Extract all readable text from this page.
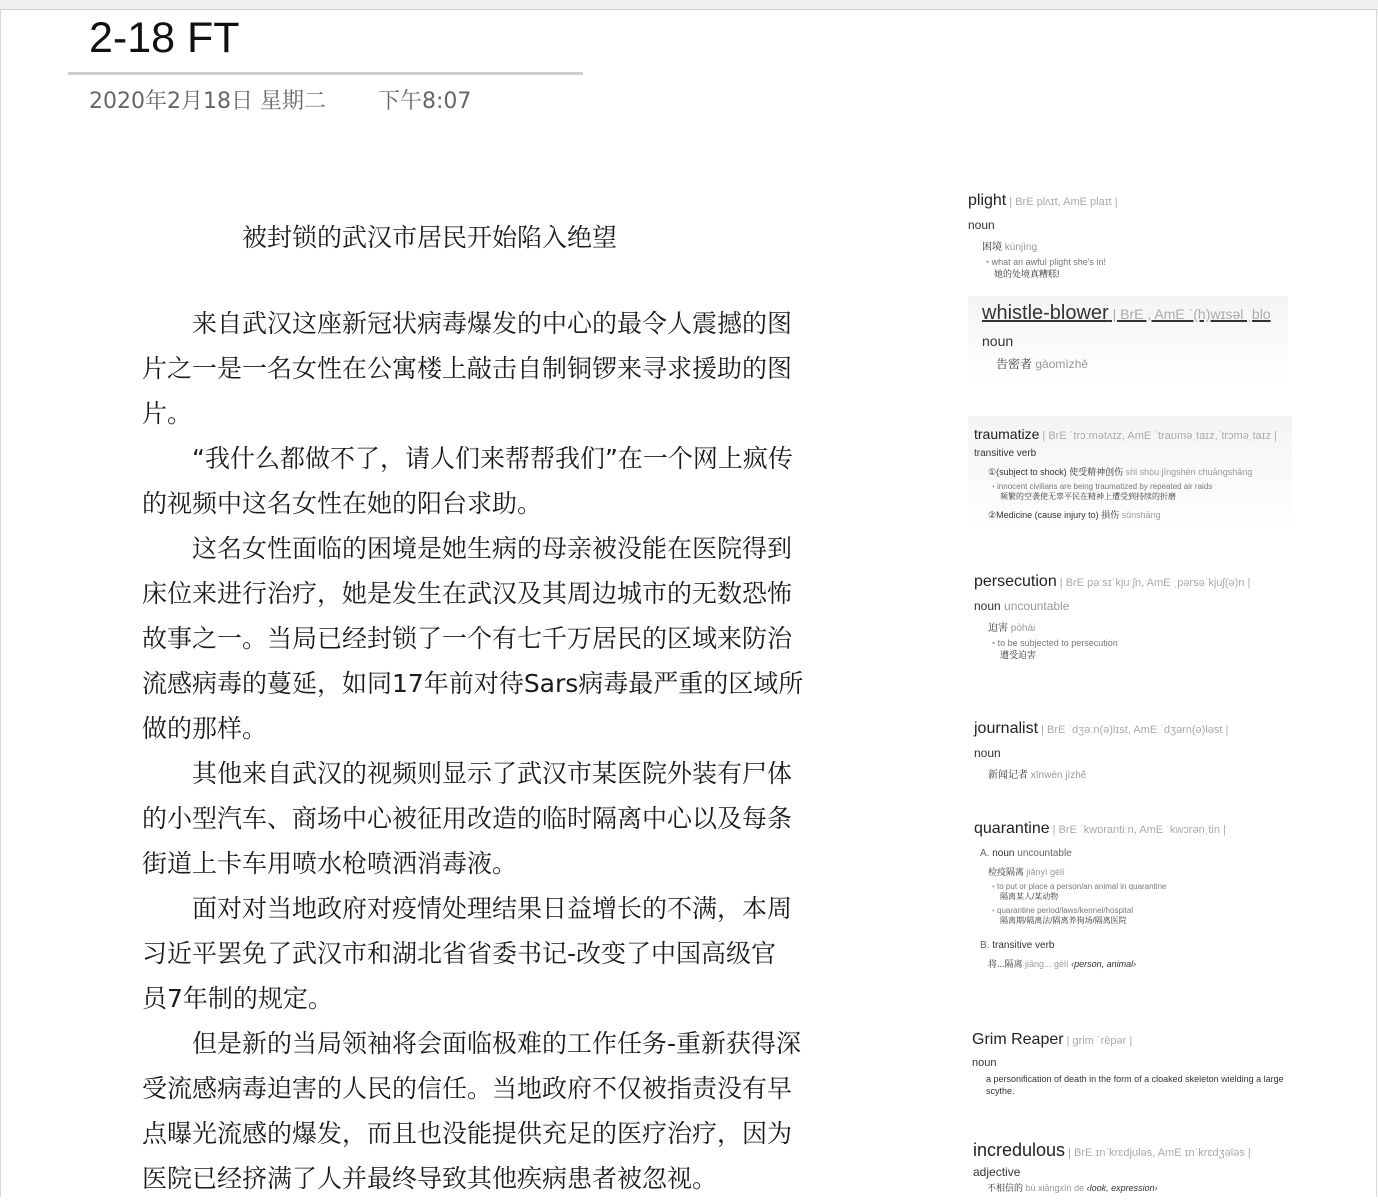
2-18 FT
2020年2月18日 星期二 下午8:07
被封锁的武汉市居民开始陷入绝望
　　来自武汉这座新冠状病毒爆发的中心的最令人震撼的图
片之一是一名女性在公寓楼上敲击自制铜锣来寻求援助的图
片。
　　“我什么都做不了，请人们来帮帮我们”在一个网上疯传
的视频中这名女性在她的阳台求助。
　　这名女性面临的困境是她生病的母亲被没能在医院得到
床位来进行治疗，她是发生在武汉及其周边城市的无数恐怖
故事之一。当局已经封锁了一个有七千万居民的区域来防治
流感病毒的蔓延，如同17年前对待Sars病毒最严重的区域所
做的那样。
　　其他来自武汉的视频则显示了武汉市某医院外装有尸体
的小型汽车、商场中心被征用改造的临时隔离中心以及每条
街道上卡车用喷水枪喷洒消毒液。
　　面对对当地政府对疫情处理结果日益增长的不满，本周
习近平罢免了武汉市和湖北省省委书记-改变了中国高级官
员7年制的规定。
　　但是新的当局领袖将会面临极难的工作任务-重新获得深
受流感病毒迫害的人民的信任。当地政府不仅被指责没有早
点曝光流感的爆发，而且也没能提供充足的医疗治疗，因为
医院已经挤满了人并最终导致其他疾病患者被忽视。
plight | BrE plʌɪt, AmE plaɪt |
noun
困境 kùnjìng
• what an awful plight she's in!
她的处境真糟糕!
whistle-blower | BrE , AmE ˈ(h)wɪsəl ˌblo
noun
告密者 gàomìzhě
traumatize | BrE ˈtrɔːmətʌɪz, AmE ˈtraʊməˌtaɪz,ˈtrɔməˌtaɪz |
transitive verb
①(subject to shock) 使受精神创伤 shǐ shòu jīngshén chuāngshāng
• innocent civilians are being traumatized by repeated air raids
频繁的空袭使无辜平民在精神上遭受到持续的折磨
②Medicine (cause injury to) 損伤 sǔnshāng
persecution | BrE pəːsɪˈkjuːʃn, AmE ˌpərsəˈkjuʃ(ə)n |
noun uncountable
迫害 pòhài
• to be subjected to persecution
遭受迫害
journalist | BrE ˈdʒəːn(ə)lɪst, AmE ˈdʒərn(ə)ləst |
noun
新闻记者 xīnwén jìzhě
quarantine | BrE ˈkwɒrantiːn, AmE ˈkwɔrənˌtin |
A. noun uncountable
检疫隔离 jiǎnyì gélí
• to put or place a person/an animal in quarantine
隔离某人/某动物
• quarantine period/laws/kennel/hospital
隔离期/隔离法/隔离养狗场/隔离医院
B. transitive verb
将...隔离 jiāng... gélí ‹person, animal›
Grim Reaper | grim ˈrēpər |
noun
a personification of death in the form of a cloaked skeleton wielding a large scythe.
incredulous | BrE ɪnˈkrɛdjʊləs, AmE ɪnˈkrɛdʒələs |
adjective
不相信的 bù xiāngxìn de ‹look, expression›
